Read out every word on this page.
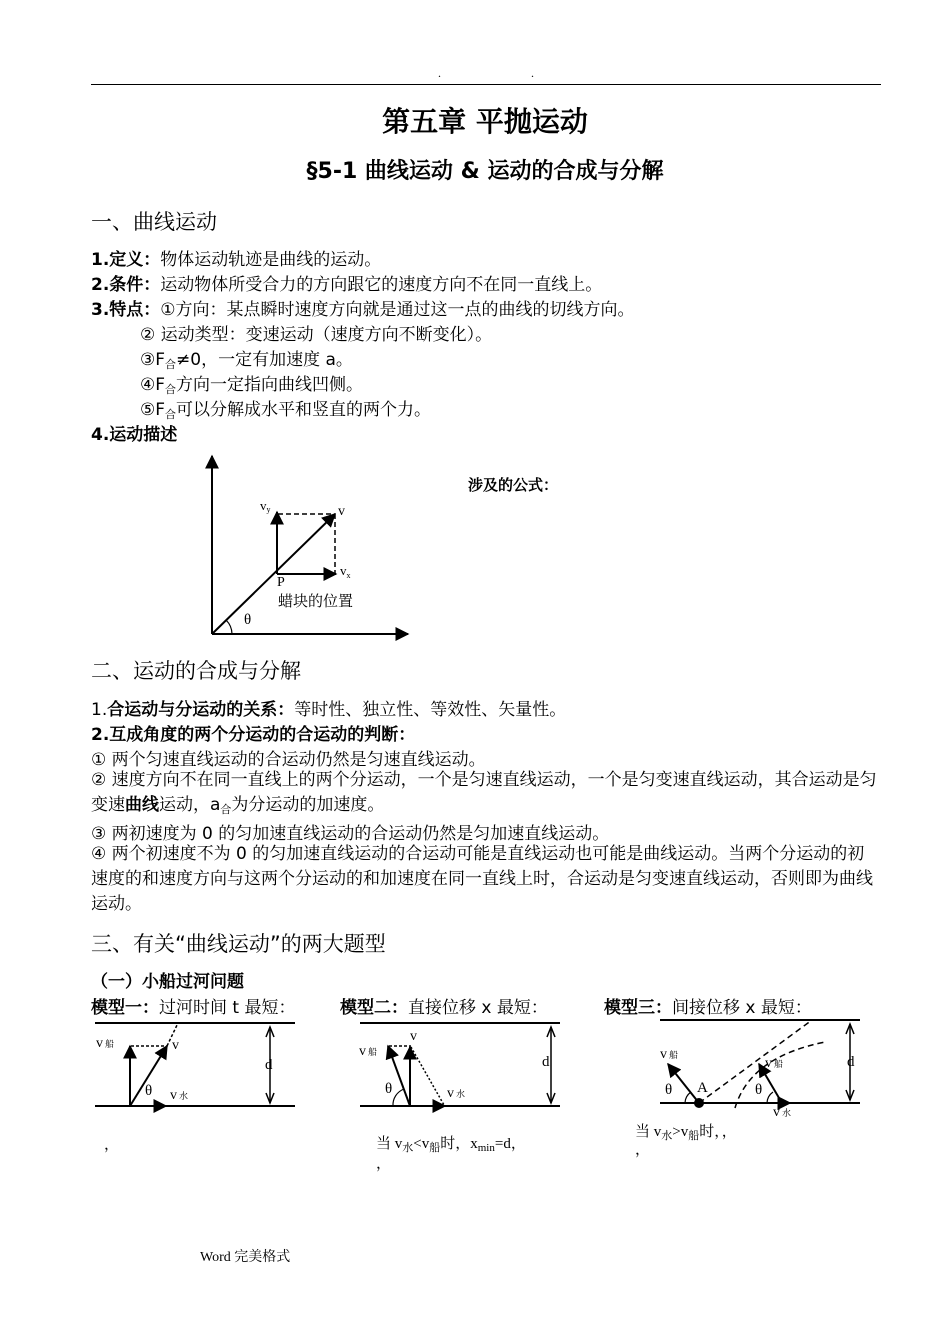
.	.
第五章 平抛运动
§5-1 曲线运动 & 运动的合成与分解
一、曲线运动
1.定义：物体运动轨迹是曲线的运动。
2.条件：运动物体所受合力的方向跟它的速度方向不在同一直线上。
3.特点：①方向：某点瞬时速度方向就是通过这一点的曲线的切线方向。
② 运动类型：变速运动（速度方向不断变化）。
$③F_合\ne 0$，一定有加速度 a。
$④F_合$方向一定指向曲线凹侧。
$⑤F_合$可以分解成水平和竖直的两个力。
4.运动描述
涉及的公式：
vy	v
$v_x$
P
蜡块的位置
θ
二、运动的合成与分解
1.合运动与分运动的关系：等时性、独立性、等效性、矢量性。
2.互成角度的两个分运动的合运动的判断：
① 两个匀速直线运动的合运动仍然是匀速直线运动。
② 速度方向不在同一直线上的两个分运动，一个是匀速直线运动，一个是匀变速直线运动，其合运动是匀变速曲线运动，$a_合$为分运动的加速度。
③ 两初速度为 0 的匀加速直线运动的合运动仍然是匀加速直线运动。
④ 两个初速度不为 0 的匀加速直线运动的合运动可能是直线运动也可能是曲线运动。当两个分运动的初速度的和速度方向与这两个分运动的和加速度在同一直线上时，合运动是匀变速直线运动，否则即为曲线运动。
三、有关“曲线运动”的两大题型
（一）小船过河问题
模型一：过河时间 t 最短：	模型二：直接位移 x 最短：	模型三：间接位移 x 最短：
d
v船	v
θ v水
，
d
v
v船
θ	v水
当 $v_水<v_船$时，$x_{min}=d$，
，
d
v船
θ A	θ
v船
v水
当 $v_水>v_船$时，，
，
Word 完美格式
